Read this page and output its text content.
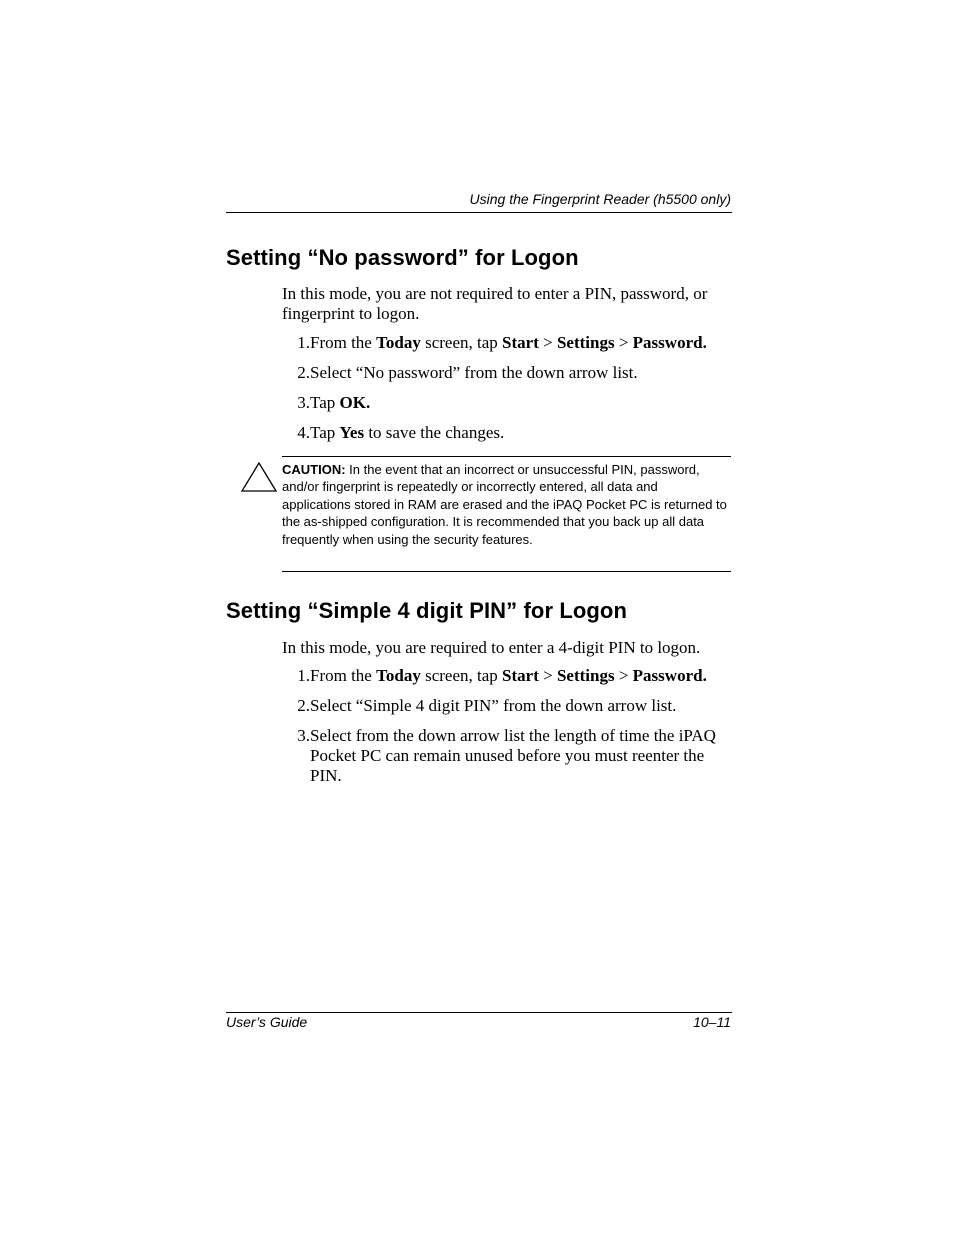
Using the Fingerprint Reader (h5500 only)
Setting “No password” for Logon

In this mode, you are not required to enter a PIN, password, or fingerprint to logon.

1. From the Today screen, tap Start > Settings > Password.

2. Select “No password” from the down arrow list.

3. Tap OK.

4. Tap Yes to save the changes.

CAUTION: In the event that an incorrect or unsuccessful PIN, password, and/or fingerprint is repeatedly or incorrectly entered, all data and applications stored in RAM are erased and the iPAQ Pocket PC is returned to the as-shipped configuration. It is recommended that you back up all data frequently when using the security features.

Setting “Simple 4 digit PIN” for Logon

In this mode, you are required to enter a 4-digit PIN to logon.

1. From the Today screen, tap Start > Settings > Password.

2. Select “Simple 4 digit PIN” from the down arrow list.

3. Select from the down arrow list the length of time the iPAQ Pocket PC can remain unused before you must reenter the PIN.

User’s Guide	10–11
